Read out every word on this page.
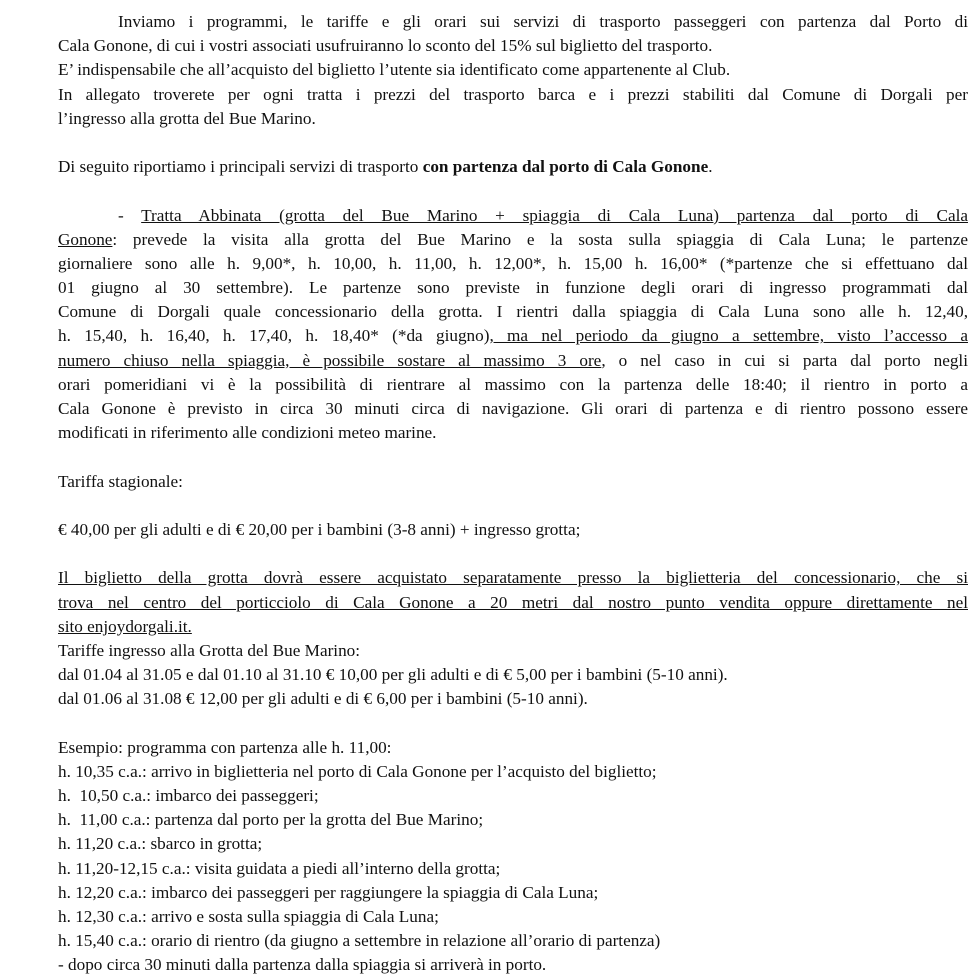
Inviamo i programmi, le tariffe e gli orari sui servizi di trasporto passeggeri con partenza dal Porto di
Cala Gonone, di cui i vostri associati usufruiranno lo sconto del 15% sul biglietto del trasporto.
E’ indispensabile che all’acquisto del biglietto l’utente sia identificato come appartenente al Club.
In allegato troverete per ogni tratta i prezzi del trasporto barca e i prezzi stabiliti dal Comune di Dorgali per
l’ingresso alla grotta del Bue Marino.
Di seguito riportiamo i principali servizi di trasporto con partenza dal porto di Cala Gonone.
- Tratta Abbinata (grotta del Bue Marino + spiaggia di Cala Luna) partenza dal porto di Cala
Gonone: prevede la visita alla grotta del Bue Marino e la sosta sulla spiaggia di Cala Luna; le partenze
giornaliere sono alle h. 9,00*, h. 10,00, h. 11,00, h. 12,00*, h. 15,00 h. 16,00* (*partenze che si effettuano dal
01 giugno al 30 settembre). Le partenze sono previste in funzione degli orari di ingresso programmati dal
Comune di Dorgali quale concessionario della grotta. I rientri dalla spiaggia di Cala Luna sono alle h. 12,40,
h. 15,40, h. 16,40, h. 17,40, h. 18,40* (*da giugno), ma nel periodo da giugno a settembre, visto l’accesso a
numero chiuso nella spiaggia, è possibile sostare al massimo 3 ore, o nel caso in cui si parta dal porto negli
orari pomeridiani vi è la possibilità di rientrare al massimo con la partenza delle 18:40; il rientro in porto a
Cala Gonone è previsto in circa 30 minuti circa di navigazione. Gli orari di partenza e di rientro possono essere
modificati in riferimento alle condizioni meteo marine.
Tariffa stagionale:
€ 40,00 per gli adulti e di € 20,00 per i bambini (3-8 anni) + ingresso grotta;
Il biglietto della grotta dovrà essere acquistato separatamente presso la biglietteria del concessionario, che si
trova nel centro del porticciolo di Cala Gonone a 20 metri dal nostro punto vendita oppure direttamente nel
sito enjoydorgali.it.
Tariffe ingresso alla Grotta del Bue Marino:
dal 01.04 al 31.05 e dal 01.10 al 31.10 € 10,00 per gli adulti e di € 5,00 per i bambini (5-10 anni).
dal 01.06 al 31.08 € 12,00 per gli adulti e di € 6,00 per i bambini (5-10 anni).
Esempio: programma con partenza alle h. 11,00:
h. 10,35 c.a.: arrivo in biglietteria nel porto di Cala Gonone per l’acquisto del biglietto;
h.  10,50 c.a.: imbarco dei passeggeri;
h.  11,00 c.a.: partenza dal porto per la grotta del Bue Marino;
h. 11,20 c.a.: sbarco in grotta;
h. 11,20-12,15 c.a.: visita guidata a piedi all’interno della grotta;
h. 12,20 c.a.: imbarco dei passeggeri per raggiungere la spiaggia di Cala Luna;
h. 12,30 c.a.: arrivo e sosta sulla spiaggia di Cala Luna;
h. 15,40 c.a.: orario di rientro (da giugno a settembre in relazione all’orario di partenza)
- dopo circa 30 minuti dalla partenza dalla spiaggia si arriverà in porto.
